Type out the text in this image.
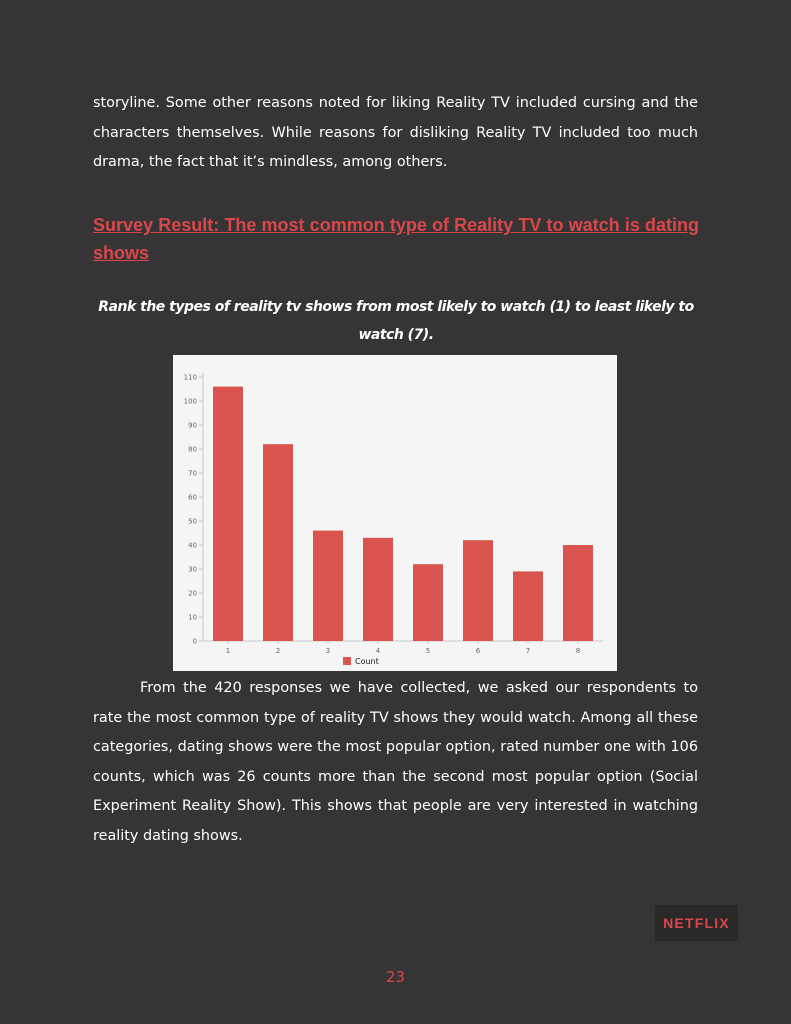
storyline. Some other reasons noted for liking Reality TV included cursing and the characters themselves. While reasons for disliking Reality TV included too much drama, the fact that it’s mindless, among others.

Survey Result: The most common type of Reality TV to watch is dating shows

Rank the types of reality tv shows from most likely to watch (1) to least likely to watch (7).

0
10
20
30
40
50
60
70
80
90
100
110
1	2	3	4	5	6	7	8
Count

From the 420 responses we have collected, we asked our respondents to rate the most common type of reality TV shows they would watch. Among all these categories, dating shows were the most popular option, rated number one with 106 counts, which was 26 counts more than the second most popular option (Social Experiment Reality Show). This shows that people are very interested in watching reality dating shows.

NETFLIX
23
